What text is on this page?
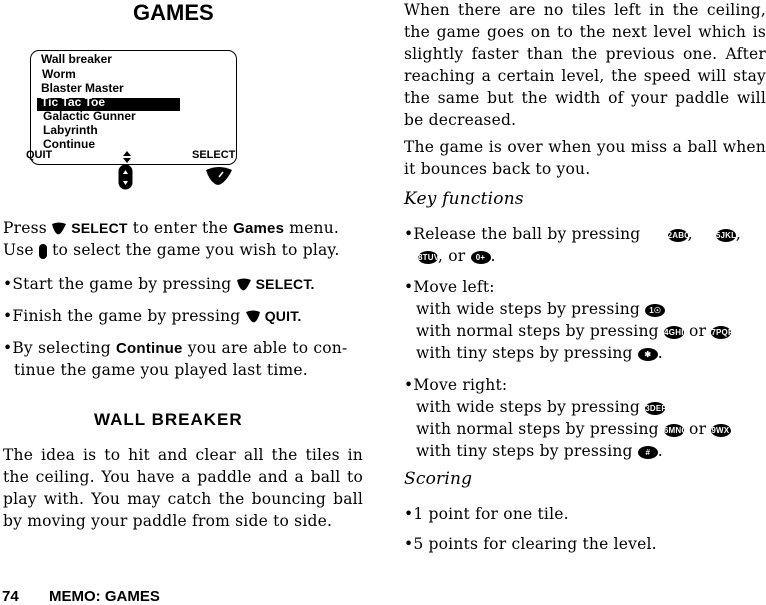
GAMES
Wall breaker
Worm
Blaster Master
Tic Tac Toe
Galactic Gunner
Labyrinth
Continue
QUIT	SELECT
Press SELECT to enter the Games menu.
Use to select the game you wish to play.
•Start the game by pressing SELECT.
•Finish the game by pressing QUIT.
•By selecting Continue you are able to con-
tinue the game you played last time.
WALL BREAKER
The idea is to hit and clear all the tiles in the ceiling. You have a paddle and a ball to play with. You may catch the bouncing ball by moving your paddle from side to side.
When there are no tiles left in the ceiling, the game goes on to the next level which is slightly faster than the previous one. After reaching a certain level, the speed will stay the same but the width of your paddle will be decreased.
The game is over when you miss a ball when it bounces back to you.
Key functions
•Release the ball by pressing	2ABC, 5JKL,
8TUV, or 0+ .
•Move left:
with wide steps by pressing 1☉
with normal steps by pressing 4GHI or 7PQRS
with tiny steps by pressing ✱ .
•Move right:
with wide steps by pressing 3DEF
with normal steps by pressing 6MNO or 9WXYZ
with tiny steps by pressing # .
Scoring
•1 point for one tile.
•5 points for clearing the level.
74 MEMO: GAMES
